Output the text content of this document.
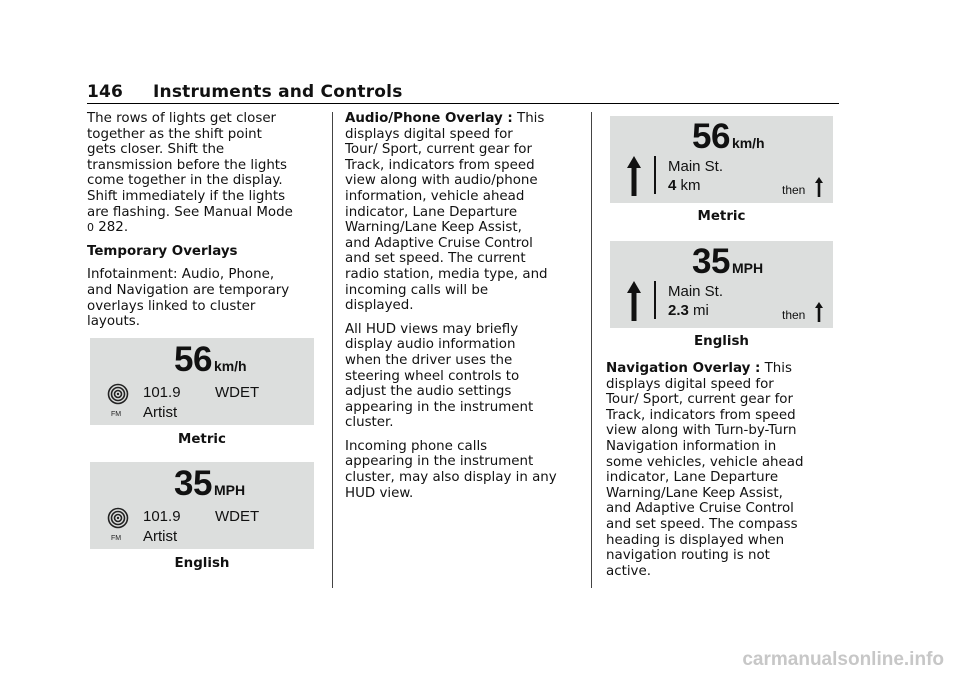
146 Instruments and Controls

The rows of lights get closer
together as the shift point
gets closer. Shift the
transmission before the lights
come together in the display.
Shift immediately if the lights
are flashing. See Manual Mode
0 282.

Temporary Overlays

Infotainment: Audio, Phone,
and Navigation are temporary
overlays linked to cluster
layouts.

56 km/h
FM
101.9 WDET
Artist
Metric
35 MPH
FM
101.9 WDET
Artist
English

Audio/Phone Overlay : This
displays digital speed for
Tour/ Sport, current gear for
Track, indicators from speed
view along with audio/phone
information, vehicle ahead
indicator, Lane Departure
Warning/Lane Keep Assist,
and Adaptive Cruise Control
and set speed. The current
radio station, media type, and
incoming calls will be
displayed.

All HUD views may briefly
display audio information
when the driver uses the
steering wheel controls to
adjust the audio settings
appearing in the instrument
cluster.

Incoming phone calls
appearing in the instrument
cluster, may also display in any
HUD view.

56 km/h
Main St.
4 km	then
Metric
35 MPH
Main St.
2.3 mi	then
English

Navigation Overlay : This
displays digital speed for
Tour/ Sport, current gear for
Track, indicators from speed
view along with Turn-by-Turn
Navigation information in
some vehicles, vehicle ahead
indicator, Lane Departure
Warning/Lane Keep Assist,
and Adaptive Cruise Control
and set speed. The compass
heading is displayed when
navigation routing is not
active.

carmanualsonline.info
